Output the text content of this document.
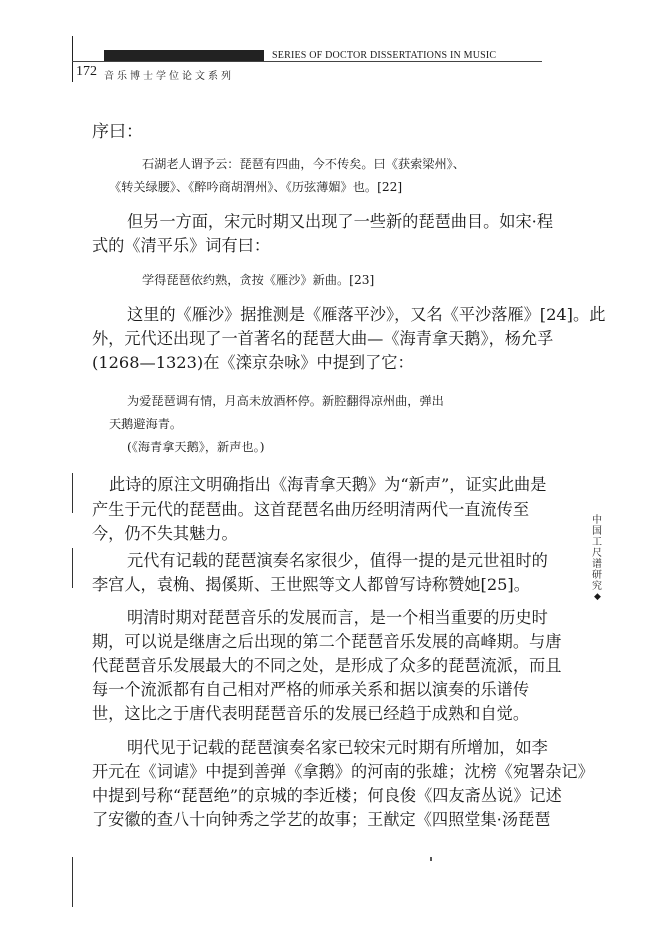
SERIES OF DOCTOR DISSERTATIONS IN MUSIC
172 音乐博士学位论文系列
序曰：
石湖老人谓予云：琵琶有四曲，今不传矣。曰《获索梁州》、
《转关绿腰》、《醉吟商胡渭州》、《历弦薄媚》也。[22]
但另一方面，宋元时期又出现了一些新的琵琶曲目。如宋·程
式的《清平乐》词有曰：
学得琵琶依约熟，贪按《雁沙》新曲。[23]
这里的《雁沙》据推测是《雁落平沙》，又名《平沙落雁》[24]。此
外，元代还出现了一首著名的琵琶大曲—《海青拿天鹅》，杨允孚
(1268—1323)在《滦京杂咏》中提到了它：
为爱琵琶调有情，月高未放酒杯停。新腔翻得凉州曲，弹出
天鹅避海青。
(《海青拿天鹅》，新声也。)
此诗的原注文明确指出《海青拿天鹅》为“新声”，证实此曲是
产生于元代的琵琶曲。这首琵琶名曲历经明清两代一直流传至
今，仍不失其魅力。
元代有记载的琵琶演奏名家很少，值得一提的是元世祖时的
李宫人，袁桷、揭傒斯、王世熙等文人都曾写诗称赞她[25]。
明清时期对琵琶音乐的发展而言，是一个相当重要的历史时
期，可以说是继唐之后出现的第二个琵琶音乐发展的高峰期。与唐
代琵琶音乐发展最大的不同之处，是形成了众多的琵琶流派，而且
每一个流派都有自己相对严格的师承关系和据以演奏的乐谱传
世，这比之于唐代表明琵琶音乐的发展已经趋于成熟和自觉。
明代见于记载的琵琶演奏名家已较宋元时期有所增加，如李
开元在《词谑》中提到善弹《拿鹅》的河南的张雄；沈榜《宛署杂记》
中提到号称“琵琶绝”的京城的李近楼；何良俊《四友斋丛说》记述
了安徽的查八十向钟秀之学艺的故事；王猷定《四照堂集·汤琵琶
中国工尺谱研究
◆
